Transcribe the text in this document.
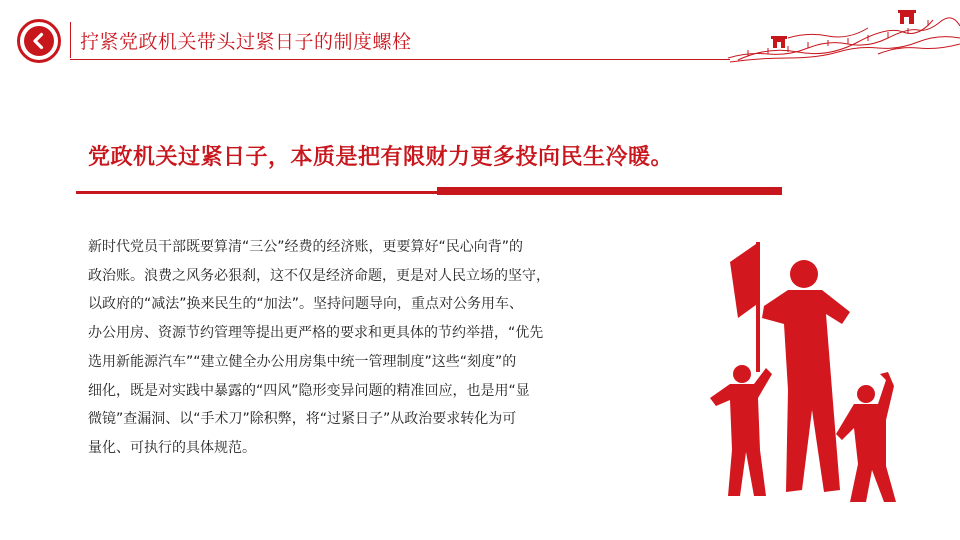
拧紧党政机关带头过紧日子的制度螺栓
党政机关过紧日子，本质是把有限财力更多投向民生冷暖。
新时代党员干部既要算清“三公”经费的经济账，更要算好“民心向背”的
政治账。浪费之风务必狠刹，这不仅是经济命题，更是对人民立场的坚守，
以政府的“减法”换来民生的“加法”。坚持问题导向，重点对公务用车、
办公用房、资源节约管理等提出更严格的要求和更具体的节约举措，“优先
选用新能源汽车”“建立健全办公用房集中统一管理制度”这些“刻度”的
细化，既是对实践中暴露的“四风”隐形变异问题的精准回应，也是用“显
微镜”查漏洞、以“手术刀”除积弊，将“过紧日子”从政治要求转化为可
量化、可执行的具体规范。
